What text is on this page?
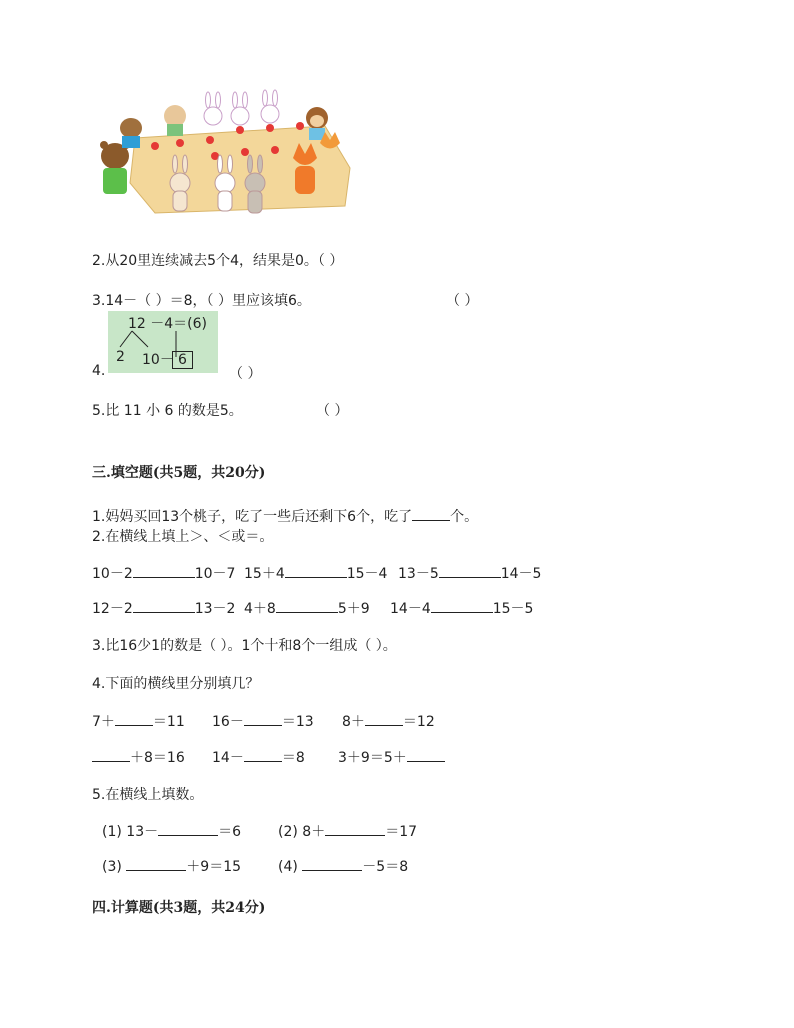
2.从20里连续减去5个4，结果是0。（ ）
3.14－（ ）＝8，（ ）里应该填6。	（ ）
4.
12 －4＝(6)
2 10－ 6
（ ）
5.比 11 小 6 的数是5。	（ ）
三.填空题(共5题，共20分)
1.妈妈买回13个桃子，吃了一些后还剩下6个，吃了	个。
2.在横线上填上＞、＜或＝。
10－2	10－7 15＋4	15－4 13－5	14－5
12－2	13－2 4＋8	5＋9 14－4	15－5
3.比16少1的数是（ ）。1个十和8个一组成（ ）。
4.下面的横线里分别填几？
7＋	＝11 16－	＝13 8＋	＝12
＋8＝16 14－	＝8 3＋9＝5＋
5.在横线上填数。
(1) 13－	＝6	(2) 8＋	＝17
(3)	＋9＝15	(4)	－5＝8
四.计算题(共3题，共24分)
